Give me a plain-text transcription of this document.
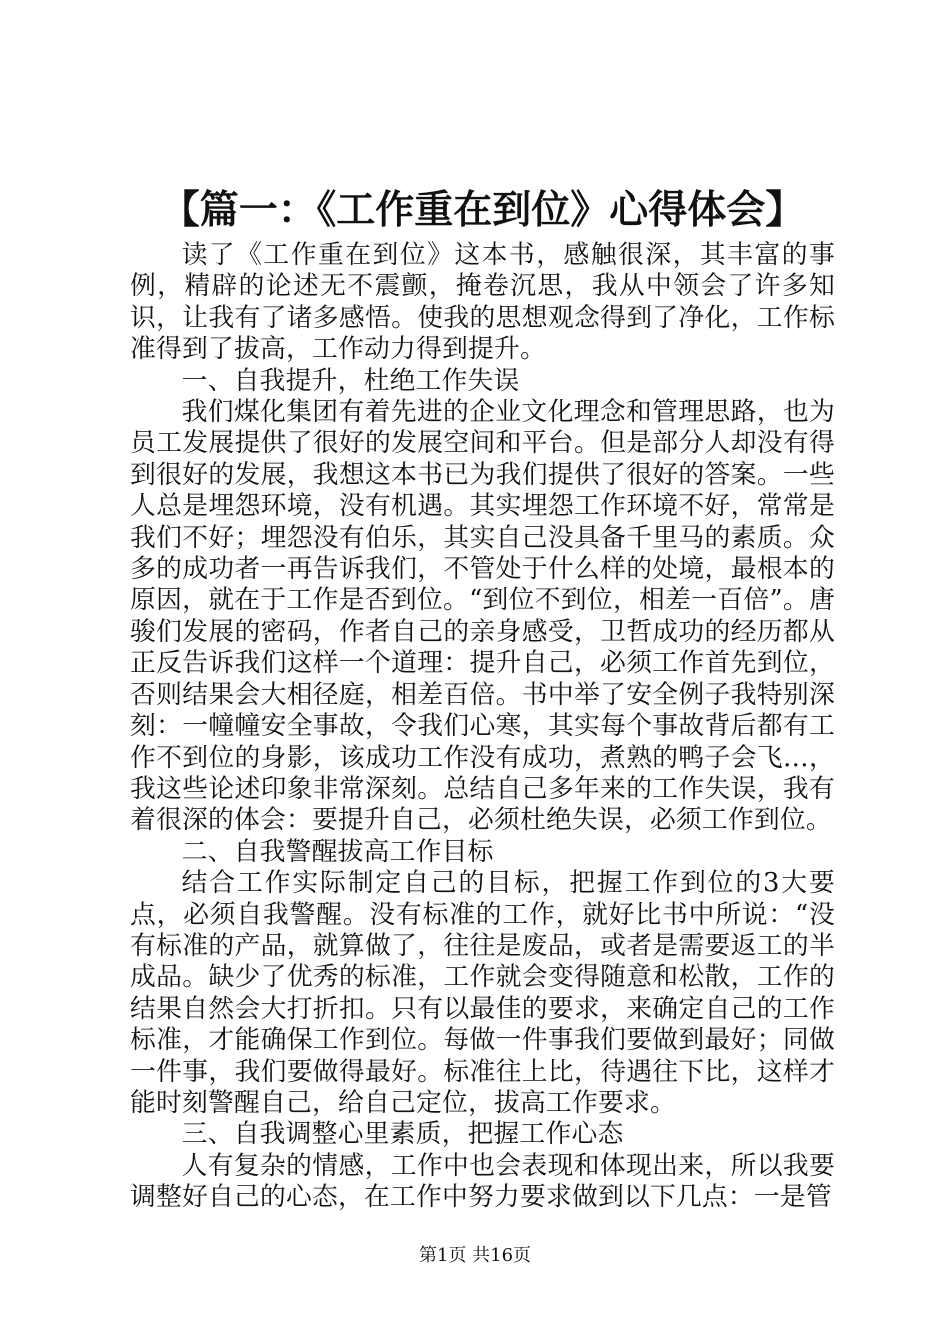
【篇一：《工作重在到位》心得体会】

读了《工作重在到位》这本书，感触很深，其丰富的事例，精辟的论述无不震颤，掩卷沉思，我从中领会了许多知识，让我有了诸多感悟。使我的思想观念得到了净化，工作标准得到了拔高，工作动力得到提升。

一、自我提升，杜绝工作失误

我们煤化集团有着先进的企业文化理念和管理思路，也为员工发展提供了很好的发展空间和平台。但是部分人却没有得到很好的发展，我想这本书已为我们提供了很好的答案。一些人总是埋怨环境，没有机遇。其实埋怨工作环境不好，常常是我们不好；埋怨没有伯乐，其实自己没具备千里马的素质。众多的成功者一再告诉我们，不管处于什么样的处境，最根本的原因，就在于工作是否到位。“到位不到位，相差一百倍”。唐骏们发展的密码，作者自己的亲身感受，卫哲成功的经历都从正反告诉我们这样一个道理：提升自己，必须工作首先到位，否则结果会大相径庭，相差百倍。书中举了安全例子我特别深刻：一幢幢安全事故，令我们心寒，其实每个事故背后都有工作不到位的身影，该成功工作没有成功，煮熟的鸭子会飞…，我这些论述印象非常深刻。总结自己多年来的工作失误，我有着很深的体会：要提升自己，必须杜绝失误，必须工作到位。

二、自我警醒拔高工作目标

结合工作实际制定自己的目标，把握工作到位的3大要点，必须自我警醒。没有标准的工作，就好比书中所说：“没有标准的产品，就算做了，往往是废品，或者是需要返工的半成品。缺少了优秀的标准，工作就会变得随意和松散，工作的结果自然会大打折扣。只有以最佳的要求，来确定自己的工作标准，才能确保工作到位。每做一件事我们要做到最好；同做一件事，我们要做得最好。标准往上比，待遇往下比，这样才能时刻警醒自己，给自己定位，拔高工作要求。

三、自我调整心里素质，把握工作心态

人有复杂的情感，工作中也会表现和体现出来，所以我要调整好自己的心态，在工作中努力要求做到以下几点：一是管

第1页 共16页
